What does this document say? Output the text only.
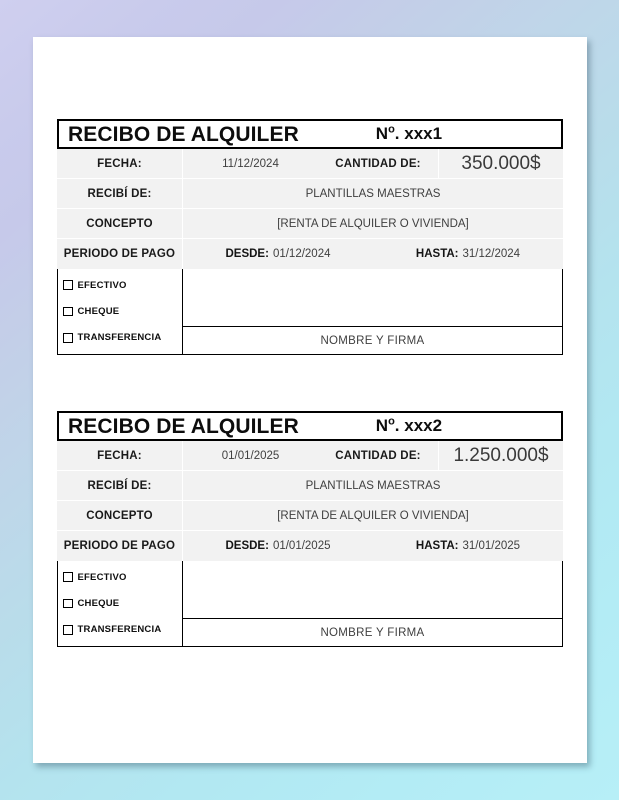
RECIBO DE ALQUILER	$N^o$. xxx1
FECHA:	11/12/2024	CANTIDAD DE:	350.000$
RECIBÍ DE:	PLANTILLAS MAESTRAS
CONCEPTO	[RENTA DE ALQUILER O VIVIENDA]
PERIODO DE PAGO	DESDE: 01/12/2024	HASTA: 31/12/2024
EFECTIVO
CHEQUE
TRANSFERENCIA	NOMBRE Y FIRMA
RECIBO DE ALQUILER	$N^o$. xxx2
FECHA:	01/01/2025	CANTIDAD DE:	1.250.000$
RECIBÍ DE:	PLANTILLAS MAESTRAS
CONCEPTO	[RENTA DE ALQUILER O VIVIENDA]
PERIODO DE PAGO	DESDE: 01/01/2025	HASTA: 31/01/2025
EFECTIVO
CHEQUE
TRANSFERENCIA	NOMBRE Y FIRMA
